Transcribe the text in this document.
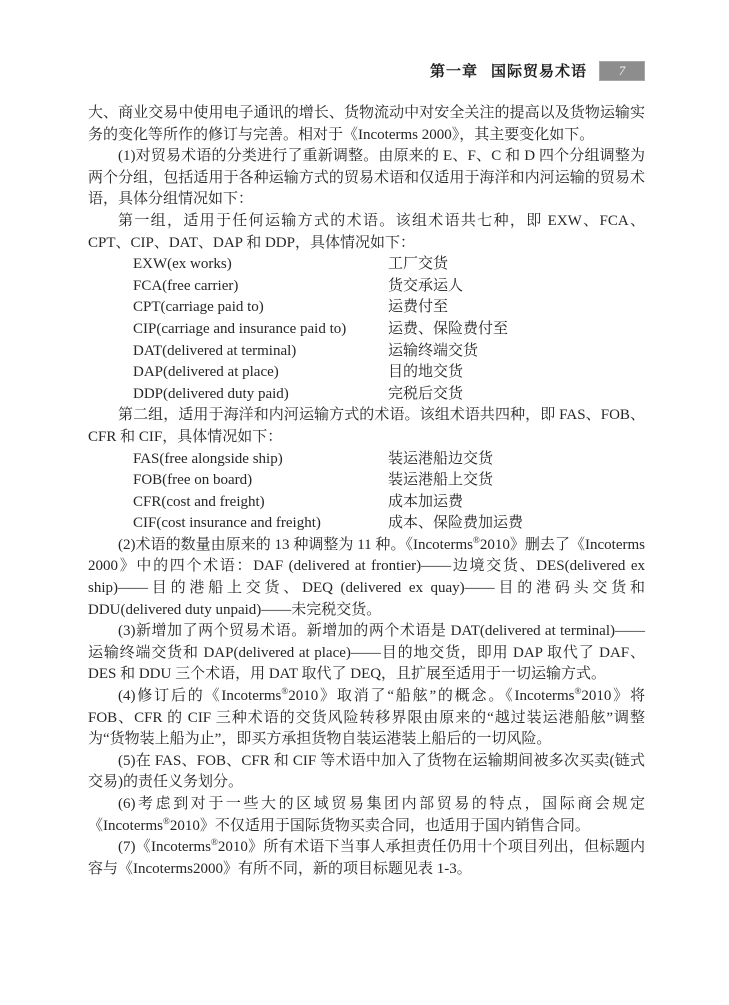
第一章 国际贸易术语	7

大、商业交易中使用电子通讯的增长、货物流动中对安全关注的提高以及货物运输实务的变化等所作的修订与完善。相对于《Incoterms 2000》，其主要变化如下。

(1)对贸易术语的分类进行了重新调整。由原来的 E、F、C 和 D 四个分组调整为两个分组，包括适用于各种运输方式的贸易术语和仅适用于海洋和内河运输的贸易术语，具体分组情况如下：

第一组，适用于任何运输方式的术语。该组术语共七种，即 EXW、FCA、CPT、CIP、DAT、DAP 和 DDP，具体情况如下：

EXW(ex works)	工厂交货
FCA(free carrier)	货交承运人
CPT(carriage paid to)	运费付至
CIP(carriage and insurance paid to)	运费、保险费付至
DAT(delivered at terminal)	运输终端交货
DAP(delivered at place)	目的地交货
DDP(delivered duty paid)	完税后交货

第二组，适用于海洋和内河运输方式的术语。该组术语共四种，即 FAS、FOB、CFR 和 CIF，具体情况如下：

FAS(free alongside ship)	装运港船边交货
FOB(free on board)	装运港船上交货
CFR(cost and freight)	成本加运费
CIF(cost insurance and freight)	成本、保险费加运费

(2)术语的数量由原来的 13 种调整为 11 种。《Incoterms®2010》删去了《Incoterms 2000》中的四个术语：DAF (delivered at frontier)——边境交货、DES(delivered ex ship)——目的港船上交货、DEQ (delivered ex quay)——目的港码头交货和 DDU(delivered duty unpaid)——未完税交货。

(3)新增加了两个贸易术语。新增加的两个术语是 DAT(delivered at terminal)——运输终端交货和 DAP(delivered at place)——目的地交货，即用 DAP 取代了 DAF、DES 和 DDU 三个术语，用 DAT 取代了 DEQ，且扩展至适用于一切运输方式。

(4)修订后的《Incoterms®2010》取消了“船舷”的概念。《Incoterms®2010》将 FOB、CFR 的 CIF 三种术语的交货风险转移界限由原来的“越过装运港船舷”调整为“货物装上船为止”，即买方承担货物自装运港装上船后的一切风险。

(5)在 FAS、FOB、CFR 和 CIF 等术语中加入了货物在运输期间被多次买卖(链式交易)的责任义务划分。

(6)考虑到对于一些大的区域贸易集团内部贸易的特点，国际商会规定《Incoterms®2010》不仅适用于国际货物买卖合同，也适用于国内销售合同。

(7)《Incoterms®2010》所有术语下当事人承担责任仍用十个项目列出，但标题内容与《Incoterms2000》有所不同，新的项目标题见表 1-3。
